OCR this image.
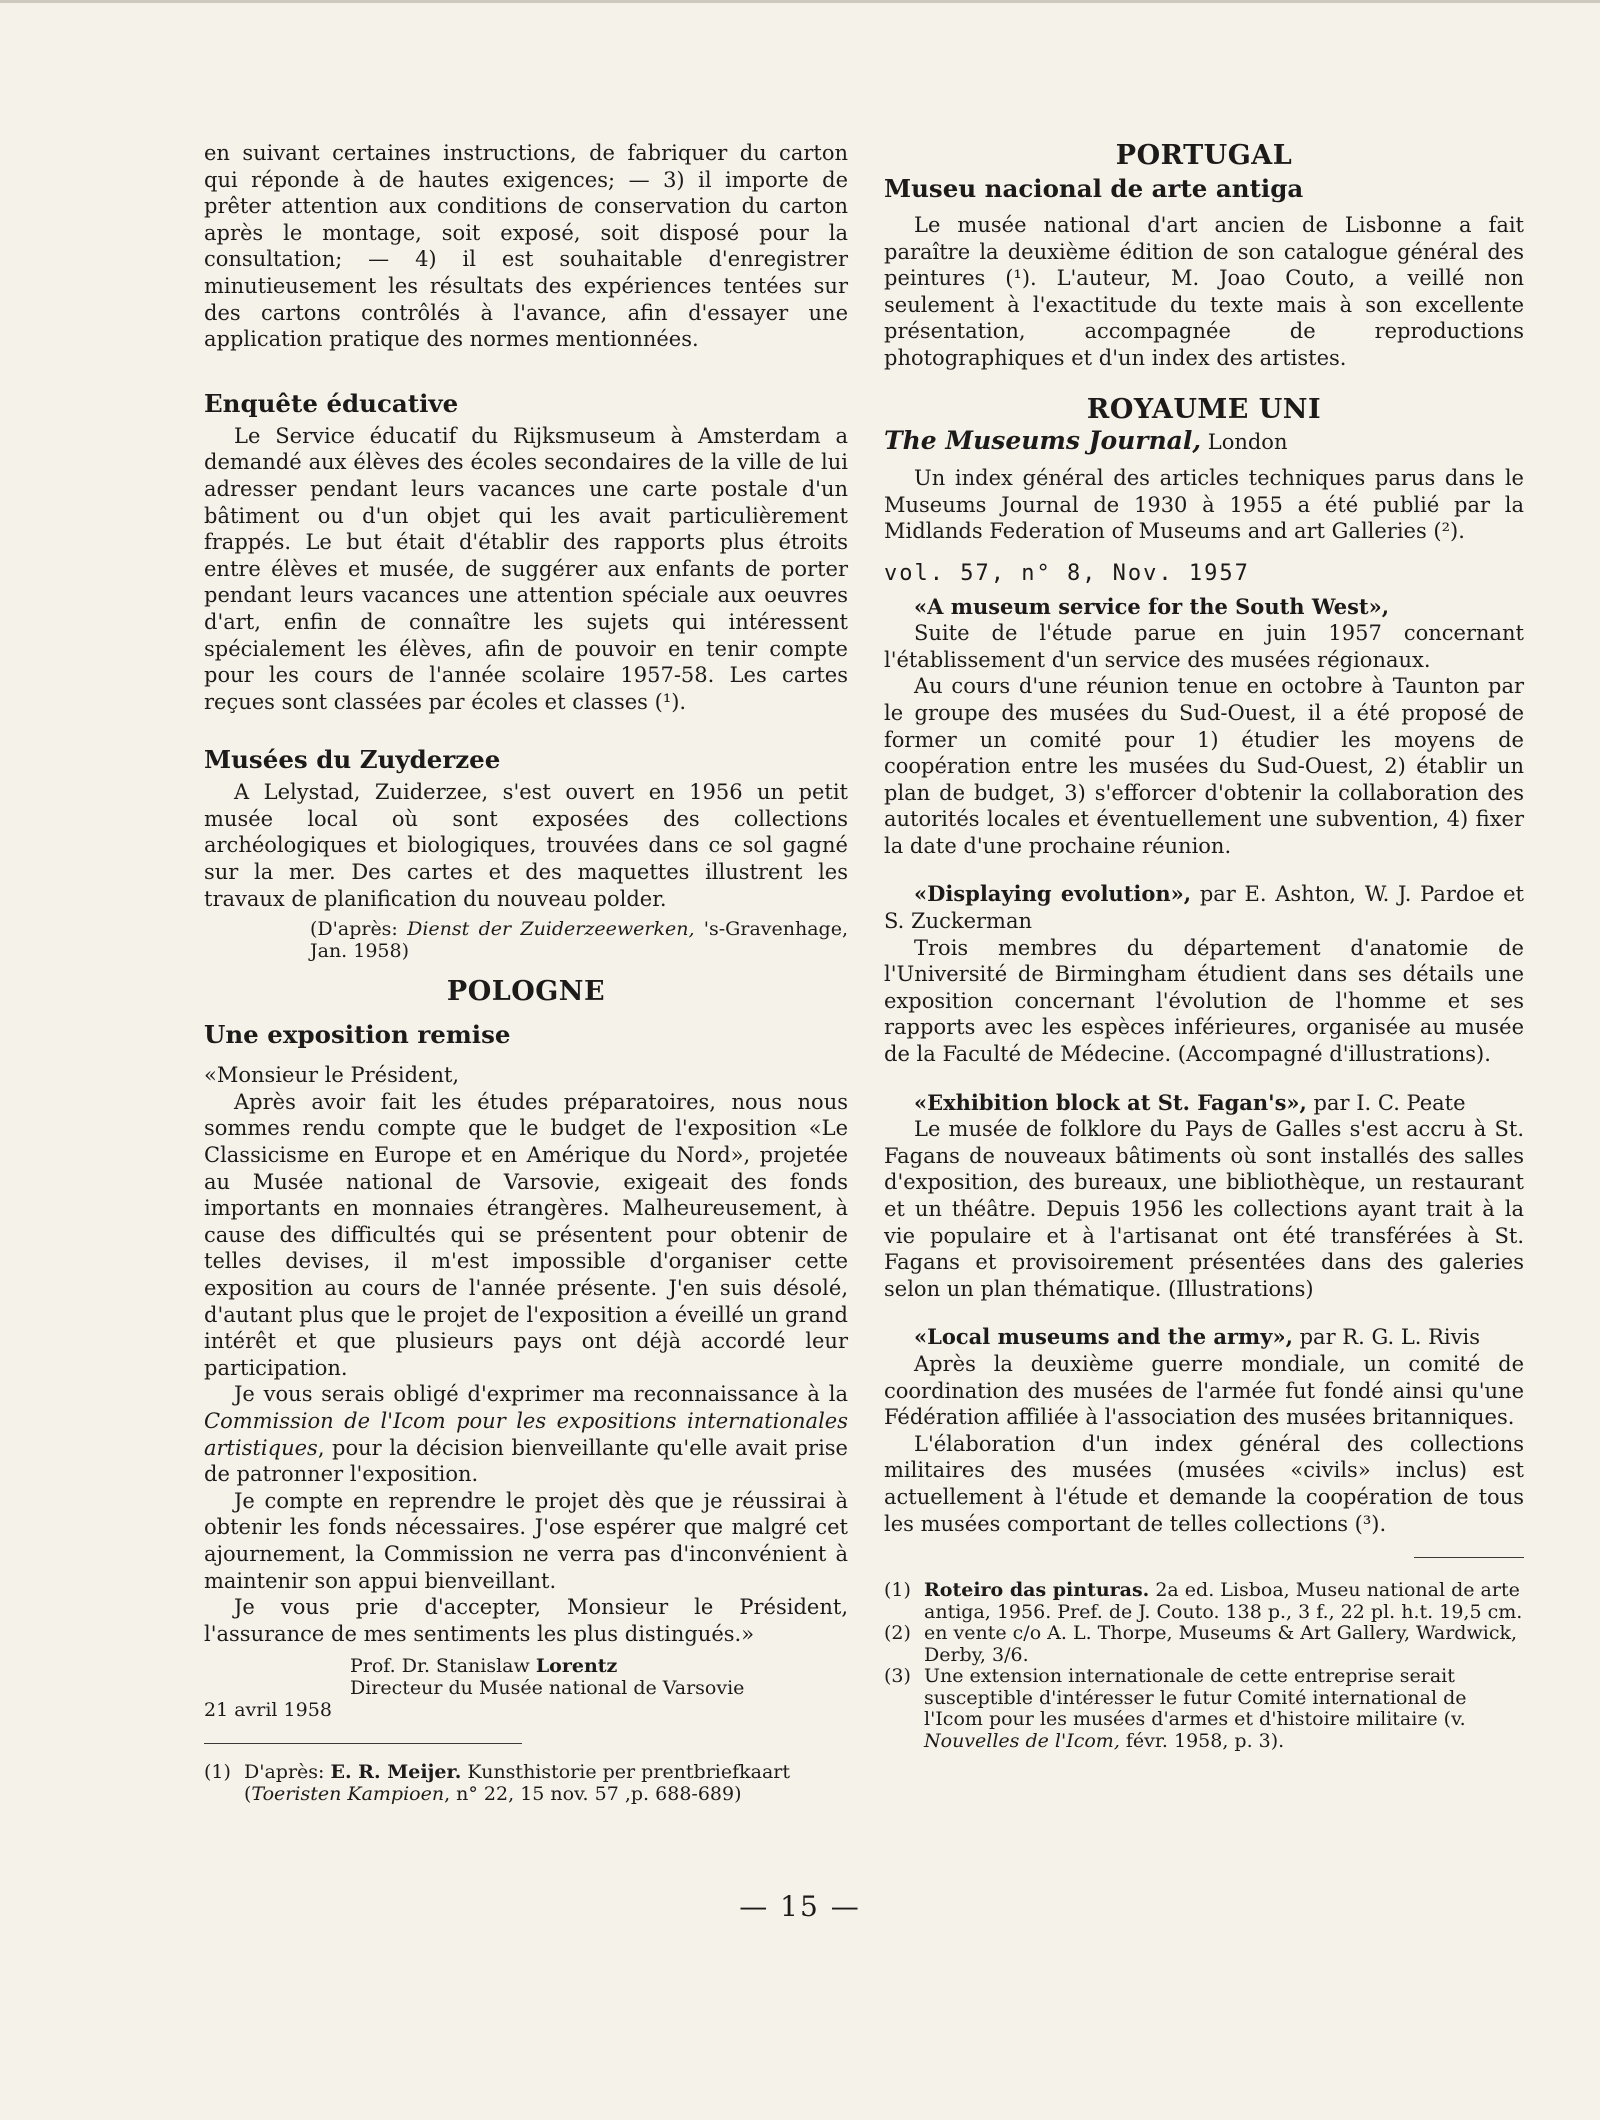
en suivant certaines instructions, de fabriquer du carton qui réponde à de hautes exigences; — 3) il importe de prêter attention aux conditions de conservation du carton après le montage, soit exposé, soit disposé pour la consultation; — 4) il est souhaitable d'enregistrer minutieusement les résultats des expériences tentées sur des cartons contrôlés à l'avance, afin d'essayer une application pratique des normes mentionnées.

Enquête éducative

Le Service éducatif du Rijksmuseum à Amsterdam a demandé aux élèves des écoles secondaires de la ville de lui adresser pendant leurs vacances une carte postale d'un bâtiment ou d'un objet qui les avait particulièrement frappés. Le but était d'établir des rapports plus étroits entre élèves et musée, de suggérer aux enfants de porter pendant leurs vacances une attention spéciale aux oeuvres d'art, enfin de connaître les sujets qui intéressent spécialement les élèves, afin de pouvoir en tenir compte pour les cours de l'année scolaire 1957-58. Les cartes reçues sont classées par écoles et classes (¹).

Musées du Zuyderzee

A Lelystad, Zuiderzee, s'est ouvert en 1956 un petit musée local où sont exposées des collections archéologiques et biologiques, trouvées dans ce sol gagné sur la mer. Des cartes et des maquettes illustrent les travaux de planification du nouveau polder.

(D'après: Dienst der Zuiderzeewerken, 's-Gravenhage, Jan. 1958)

POLOGNE
Une exposition remise

«Monsieur le Président,

Après avoir fait les études préparatoires, nous nous sommes rendu compte que le budget de l'exposition «Le Classicisme en Europe et en Amérique du Nord», projetée au Musée national de Varsovie, exigeait des fonds importants en monnaies étrangères. Malheureusement, à cause des difficultés qui se présentent pour obtenir de telles devises, il m'est impossible d'organiser cette exposition au cours de l'année présente. J'en suis désolé, d'autant plus que le projet de l'exposition a éveillé un grand intérêt et que plusieurs pays ont déjà accordé leur participation.

Je vous serais obligé d'exprimer ma reconnaissance à la Commission de l'Icom pour les expositions internationales artistiques, pour la décision bienveillante qu'elle avait prise de patronner l'exposition.

Je compte en reprendre le projet dès que je réussirai à obtenir les fonds nécessaires. J'ose espérer que malgré cet ajournement, la Commission ne verra pas d'inconvénient à maintenir son appui bienveillant.

Je vous prie d'accepter, Monsieur le Président, l'assurance de mes sentiments les plus distingués.»

Prof. Dr. Stanislaw Lorentz

Directeur du Musée national de Varsovie

21 avril 1958

(1) D'après: E. R. Meijer. Kunsthistorie per prentbriefkaart (Toeristen Kampioen, n° 22, 15 nov. 57 ,p. 688-689)
PORTUGAL
Museu nacional de arte antiga

Le musée national d'art ancien de Lisbonne a fait paraître la deuxième édition de son catalogue général des peintures (¹). L'auteur, M. Joao Couto, a veillé non seulement à l'exactitude du texte mais à son excellente présentation, accompagnée de reproductions photographiques et d'un index des artistes.

ROYAUME UNI

The Museums Journal, London

Un index général des articles techniques parus dans le Museums Journal de 1930 à 1955 a été publié par la Midlands Federation of Museums and art Galleries (²).

vol. 57, n° 8, Nov. 1957

«A museum service for the South West»,

Suite de l'étude parue en juin 1957 concernant l'établissement d'un service des musées régionaux.

Au cours d'une réunion tenue en octobre à Taunton par le groupe des musées du Sud-Ouest, il a été proposé de former un comité pour 1) étudier les moyens de coopération entre les musées du Sud-Ouest, 2) établir un plan de budget, 3) s'efforcer d'obtenir la collaboration des autorités locales et éventuellement une subvention, 4) fixer la date d'une prochaine réunion.

«Displaying evolution», par E. Ashton, W. J. Pardoe et S. Zuckerman

Trois membres du département d'anatomie de l'Université de Birmingham étudient dans ses détails une exposition concernant l'évolution de l'homme et ses rapports avec les espèces inférieures, organisée au musée de la Faculté de Médecine. (Accompagné d'illustrations).

«Exhibition block at St. Fagan's», par I. C. Peate

Le musée de folklore du Pays de Galles s'est accru à St. Fagans de nouveaux bâtiments où sont installés des salles d'exposition, des bureaux, une bibliothèque, un restaurant et un théâtre. Depuis 1956 les collections ayant trait à la vie populaire et à l'artisanat ont été transférées à St. Fagans et provisoirement présentées dans des galeries selon un plan thématique. (Illustrations)

«Local museums and the army», par R. G. L. Rivis

Après la deuxième guerre mondiale, un comité de coordination des musées de l'armée fut fondé ainsi qu'une Fédération affiliée à l'association des musées britanniques.

L'élaboration d'un index général des collections militaires des musées (musées «civils» inclus) est actuellement à l'étude et demande la coopération de tous les musées comportant de telles collections (³).

(1) Roteiro das pinturas. 2a ed. Lisboa, Museu national de arte antiga, 1956. Pref. de J. Couto. 138 p., 3 f., 22 pl. h.t. 19,5 cm.
(2) en vente c/o A. L. Thorpe, Museums & Art Gallery, Wardwick, Derby, 3/6.
(3) Une extension internationale de cette entreprise serait susceptible d'intéresser le futur Comité international de l'Icom pour les musées d'armes et d'histoire militaire (v. Nouvelles de l'Icom, févr. 1958, p. 3).
— 15 —
